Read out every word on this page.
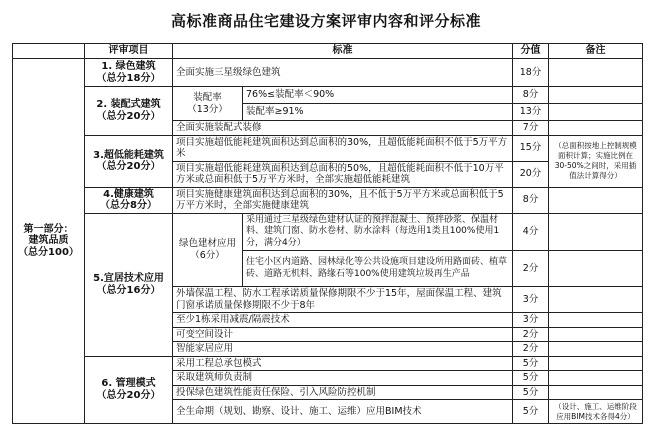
高标准商品住宅建设方案评审内容和评分标准
	评审项目	标准		分值	备注

第一部分：
建筑品质
（总分100）	1. 绿色建筑
（总分18分）	全面实施三星级绿色建筑		18分	

	2. 装配式建筑
（总分20分）	装配率
（13分）	76%≤装配率＜90%	8分	
			装配率≥91%	13分	
		全面实施装配式装修		7分	

	3.超低能耗建筑
（总分20分）	项目实施超低能耗建筑面积达到总面积的30%，且超低能耗面积不低于5万平方米		15分	（总面积按地上控制规模面积计算；实施比例在30-50%之间时，采用插值法计算得分）
		项目实施超低能耗建筑面积达到总面积的50%，且超低能耗面积不低于10万平方米或总面积低于5万平方米时，全部实施超低能耗建筑		20分	

	4.健康建筑
（总分8分）	项目实施健康建筑面积达到总面积的30%，且不低于5万平方米或总面积低于5万平方米时，全部实施健康建筑		8分	

	5.宜居技术应用
（总分16分）	绿色建材应用
（6分）	采用通过三星级绿色建材认证的预拌混凝土、预拌砂浆、保温材料、建筑门窗、防水卷材、防水涂料（每选用1类且100%使用1分，满分4分）	4分	
			住宅小区内道路、园林绿化等公共设施项目建设所用路面砖、植草砖、道路无机料、路缘石等100%使用建筑垃圾再生产品	2分	
		外墙保温工程、防水工程承诺质量保修期限不少于15年，屋面保温工程、建筑门窗承诺质量保修期限不少于8年		3分	
		至少1栋采用减震/隔震技术		3分	
		可变空间设计		2分	
		智能家居应用		2分	

	6. 管理模式
（总分20分）	采用工程总承包模式		5分	
		采取建筑师负责制		5分	
		投保绿色建筑性能责任保险、引入风险防控机制		5分	
		全生命期（规划、勘察、设计、施工、运维）应用BIM技术		5分	（设计、施工、运维阶段应用BIM技术各得4分）
